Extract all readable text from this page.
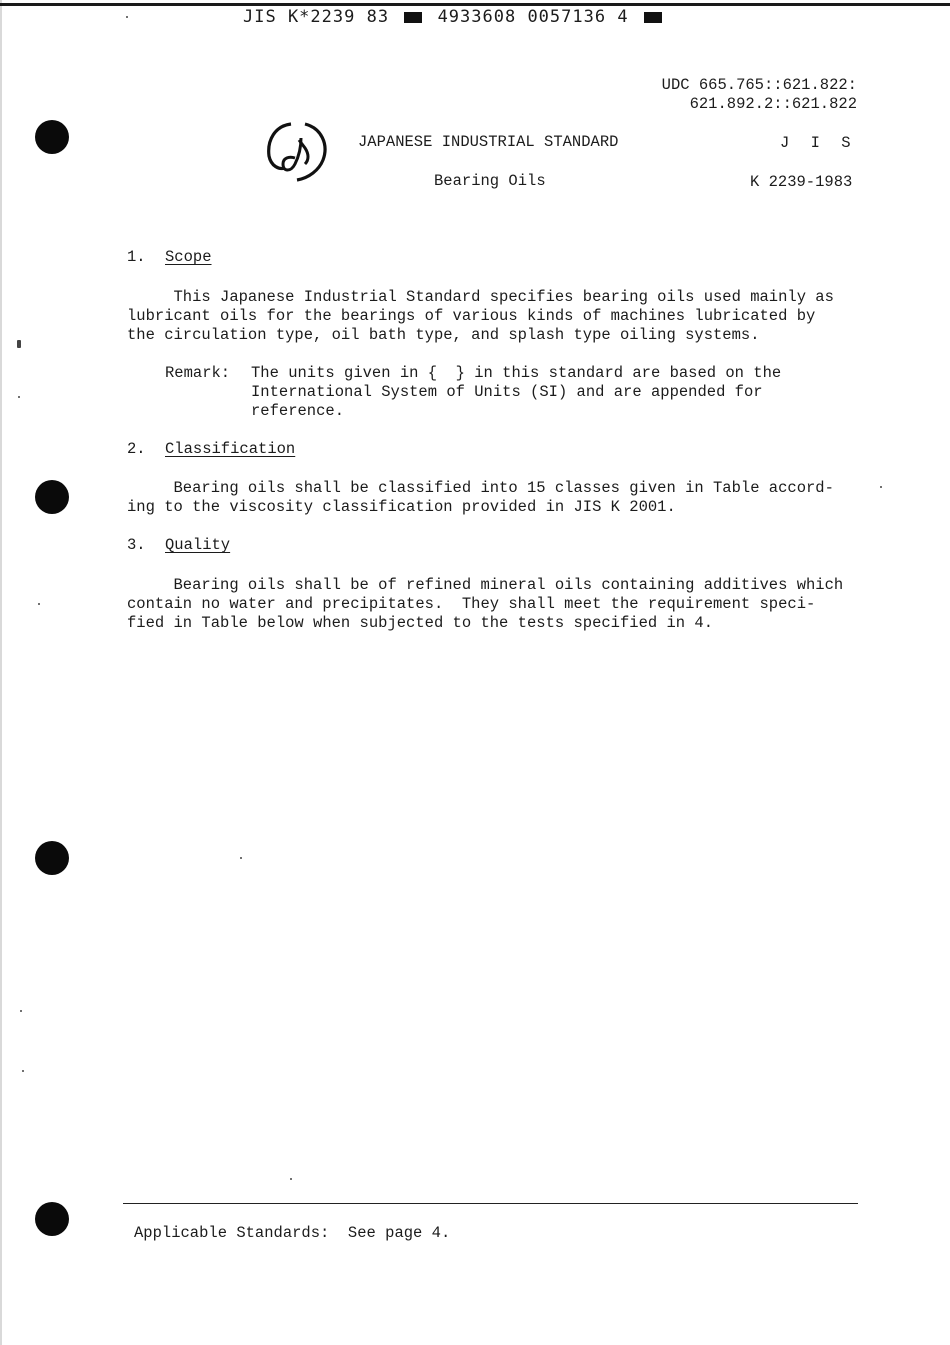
JIS K*2239 83	4933608 0057136 4
UDC 665.765::621.822:
621.892.2::621.822
JAPANESE INDUSTRIAL STANDARD	J I S
Bearing Oils	K 2239-1983
1. Scope
This Japanese Industrial Standard specifies bearing oils used mainly as
lubricant oils for the bearings of various kinds of machines lubricated by
the circulation type, oil bath type, and splash type oiling systems.
Remark: The units given in {  } in this standard are based on the
International System of Units (SI) and are appended for
reference.
2. Classification
Bearing oils shall be classified into 15 classes given in Table accord-
ing to the viscosity classification provided in JIS K 2001.
3. Quality
Bearing oils shall be of refined mineral oils containing additives which
contain no water and precipitates.  They shall meet the requirement speci-
fied in Table below when subjected to the tests specified in 4.
Applicable Standards:  See page 4.
